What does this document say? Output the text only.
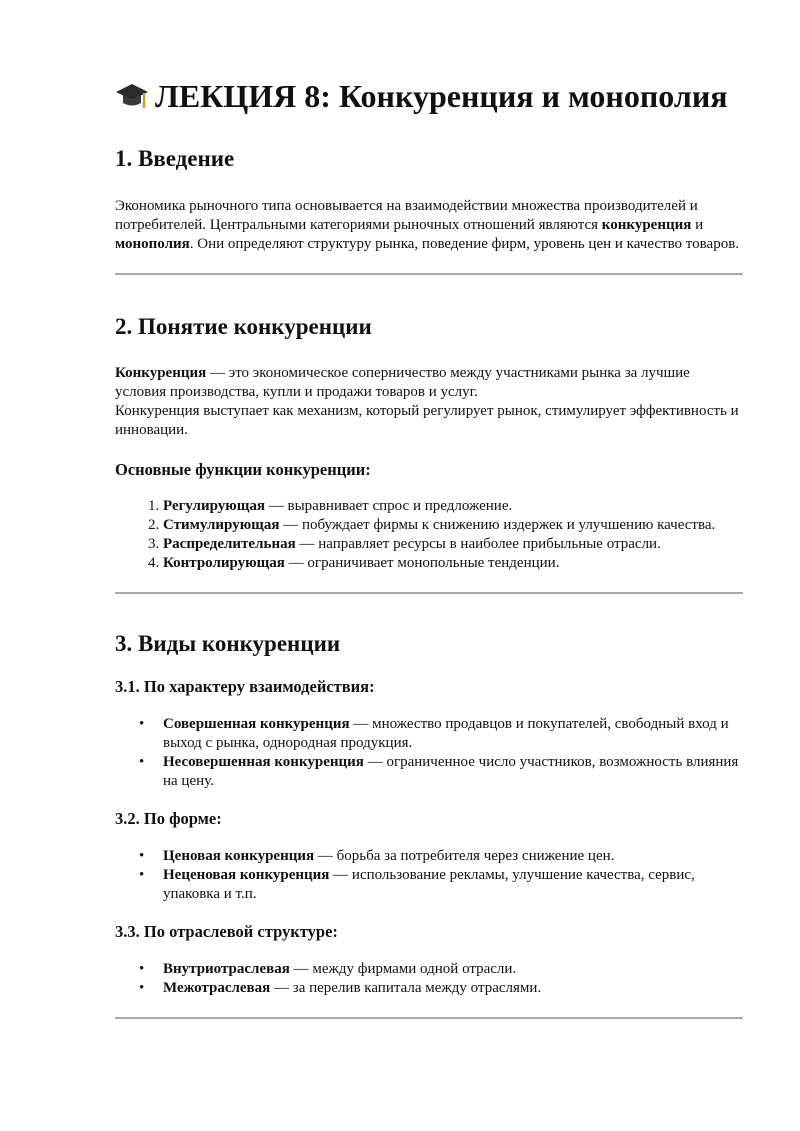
ЛЕКЦИЯ 8: Конкуренция и монополия
1. Введение

Экономика рыночного типа основывается на взаимодействии множества производителей и потребителей. Центральными категориями рыночных отношений являются конкуренция и монополия. Они определяют структуру рынка, поведение фирм, уровень цен и качество товаров.

2. Понятие конкуренции

Конкуренция — это экономическое соперничество между участниками рынка за лучшие условия производства, купли и продажи товаров и услуг.

Конкуренция выступает как механизм, который регулирует рынок, стимулирует эффективность и инновации.

Основные функции конкуренции:
1. Регулирующая — выравнивает спрос и предложение.
2. Стимулирующая — побуждает фирмы к снижению издержек и улучшению качества.
3. Распределительная — направляет ресурсы в наиболее прибыльные отрасли.
4. Контролирующая — ограничивает монопольные тенденции.
3. Виды конкуренции
3.1. По характеру взаимодействия:
• Совершенная конкуренция — множество продавцов и покупателей, свободный вход и выход с рынка, однородная продукция.
• Несовершенная конкуренция — ограниченное число участников, возможность влияния на цену.
3.2. По форме:
• Ценовая конкуренция — борьба за потребителя через снижение цен.
• Неценовая конкуренция — использование рекламы, улучшение качества, сервис, упаковка и т.п.
3.3. По отраслевой структуре:
• Внутриотраслевая — между фирмами одной отрасли.
• Межотраслевая — за перелив капитала между отраслями.
